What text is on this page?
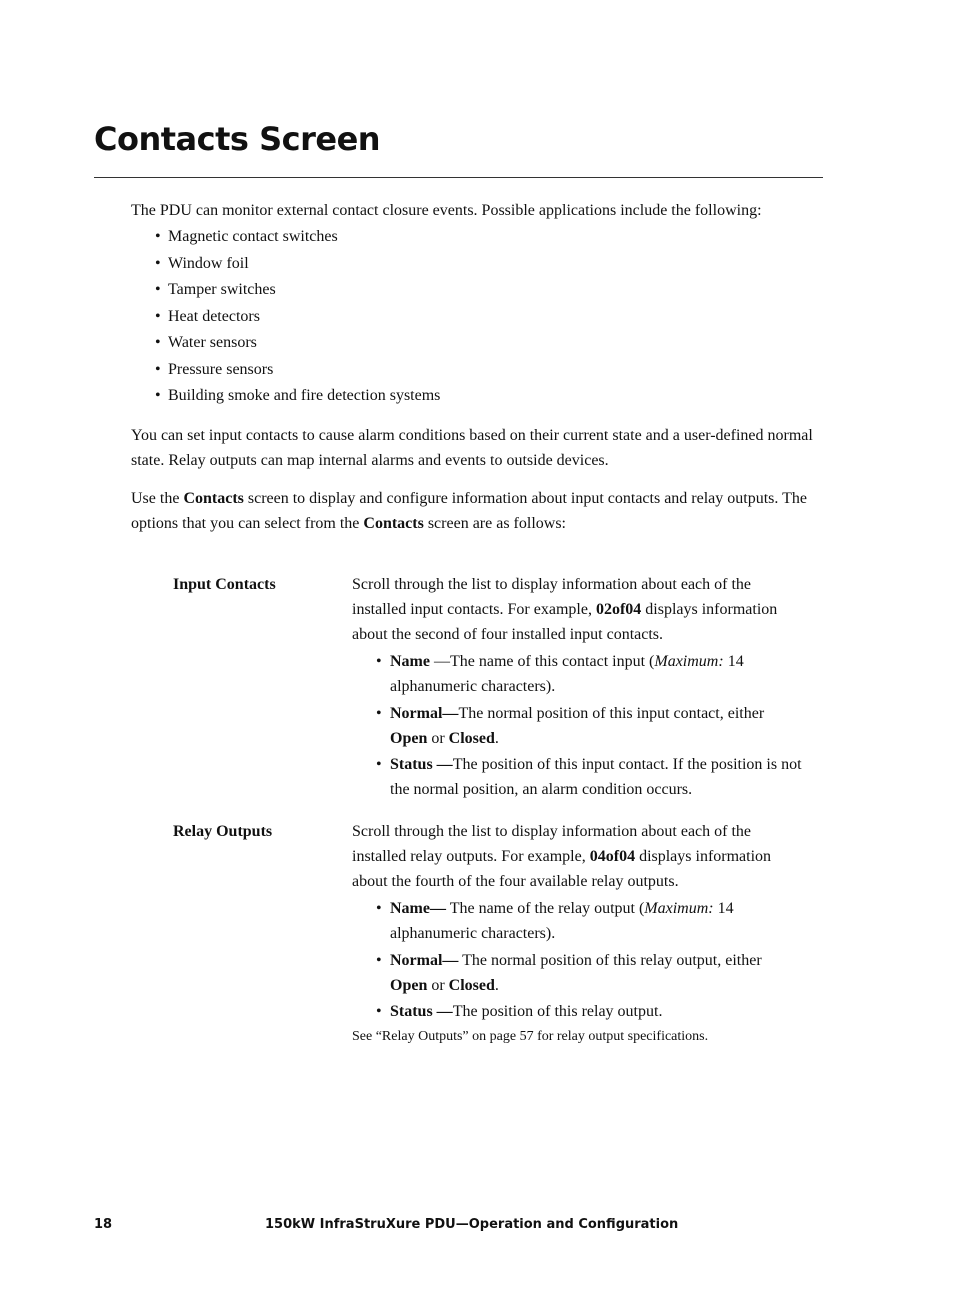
Contacts Screen

The PDU can monitor external contact closure events. Possible applications include the following:

• Magnetic contact switches
• Window foil
• Tamper switches
• Heat detectors
• Water sensors
• Pressure sensors
• Building smoke and fire detection systems

You can set input contacts to cause alarm conditions based on their current state and a user-defined normal state. Relay outputs can map internal alarms and events to outside devices.

Use the Contacts screen to display and configure information about input contacts and relay outputs. The options that you can select from the Contacts screen are as follows:

Input Contacts	Scroll through the list to display information about each of the installed input contacts. For example, 02of04 displays information about the second of four installed input contacts.

• Name —The name of this contact input (Maximum: 14 alphanumeric characters).
• Normal—The normal position of this input contact, either Open or Closed.
• Status —The position of this input contact. If the position is not the normal position, an alarm condition occurs.
Relay Outputs	Scroll through the list to display information about each of the installed relay outputs. For example, 04of04 displays information about the fourth of the four available relay outputs.

• Name— The name of the relay output (Maximum: 14 alphanumeric characters).
• Normal— The normal position of this relay output, either Open or Closed.
• Status —The position of this relay output.
See “Relay Outputs” on page 57 for relay output specifications.
18	150kW InfraStruXure PDU—Operation and Configuration
